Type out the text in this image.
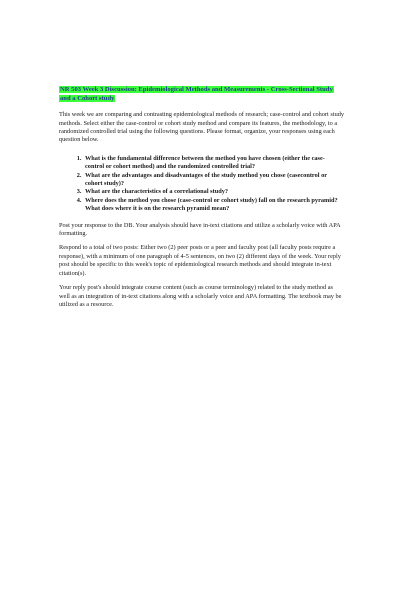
NR 503 Week 3 Discussion: Epidemiological Methods and Measurements - Cross-Sectional Study and a Cohort study

This week we are comparing and contrasting epidemiological methods of research; case-control and cohort study methods. Select either the case-control or cohort study method and compare its features, the methodology, to a randomized controlled trial using the following questions. Please format, organize, your responses using each question below.

1. What is the fundamental difference between the method you have chosen (either the case-control or cohort method) and the randomized controlled trial?
2. What are the advantages and disadvantages of the study method you chose (casecontrol or cohort study)?
3. What are the characteristics of a correlational study?
4. Where does the method you chose (case-control or cohort study) fall on the research pyramid? What does where it is on the research pyramid mean?

Post your response to the DB. Your analysis should have in-text citations and utilize a scholarly voice with APA formatting.

Respond to a total of two posts: Either two (2) peer posts or a peer and faculty post (all faculty posts require a response), with a minimum of one paragraph of 4-5 sentences, on two (2) different days of the week. Your reply post should be specific to this week's topic of epidemiological research methods and should integrate in-text citation(s).

Your reply post's should integrate course content (such as course terminology) related to the study method as well as an integration of in-text citations along with a scholarly voice and APA formatting. The textbook may be utilized as a resource.
